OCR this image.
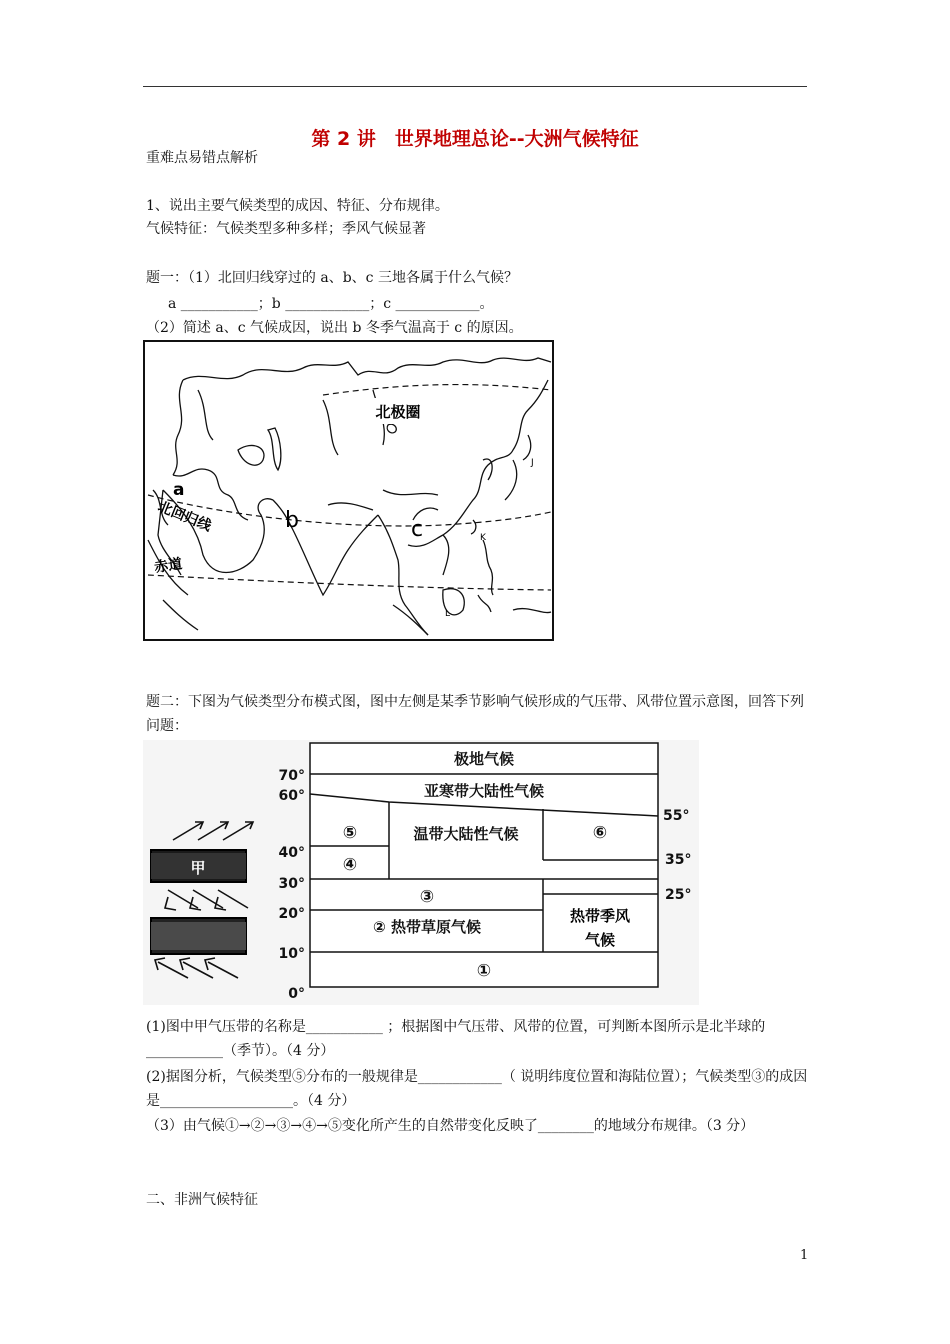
第 2 讲　世界地理总论--大洲气候特征
重难点易错点解析
1、说出主要气候类型的成因、特征、分布规律。
气候特征：气候类型多种多样；季风气候显著
题一：（1）北回归线穿过的 a、b、c 三地各属于什么气候？
a ___________；b ____________；c ____________。
（2）简述 a、c 气候成因，说出 b 冬季气温高于 c 的原因。
北极圈
北回归线
赤道
a
b	c
J
K
L
题二：下图为气候类型分布模式图，图中左侧是某季节影响气候形成的气压带、风带位置示意图，回答下列问题：
甲
极地气候
亚寒带大陆性气候
温带大陆性气候
⑤
④
⑥
③
② 热带草原气候
①
热带季风气候
70°
60°
40°
30°
20°
10°
0°
55°
35°
25°
(1)图中甲气压带的名称是___________ ；根据图中气压带、风带的位置，可判断本图所示是北半球的___________（季节）。（4 分）
(2)据图分析，气候类型⑤分布的一般规律是____________（ 说明纬度位置和海陆位置）；气候类型③的成因是___________________。（4 分）
（3）由气候①→②→③→④→⑤变化所产生的自然带变化反映了________的地域分布规律。（3 分）
二、非洲气候特征
1
